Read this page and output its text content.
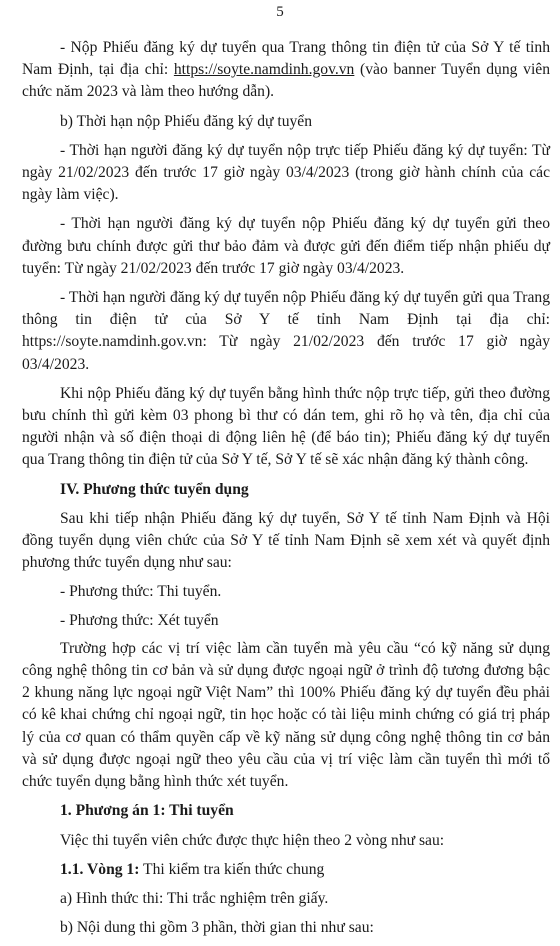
5

- Nộp Phiếu đăng ký dự tuyển qua Trang thông tin điện tử của Sở Y tế tỉnh Nam Định, tại địa chỉ: https://soyte.namdinh.gov.vn (vào banner Tuyển dụng viên chức năm 2023 và làm theo hướng dẫn).

b) Thời hạn nộp Phiếu đăng ký dự tuyển

- Thời hạn người đăng ký dự tuyển nộp trực tiếp Phiếu đăng ký dự tuyển: Từ ngày 21/02/2023 đến trước 17 giờ ngày 03/4/2023 (trong giờ hành chính của các ngày làm việc).

- Thời hạn người đăng ký dự tuyển nộp Phiếu đăng ký dự tuyển gửi theo đường bưu chính được gửi thư bảo đảm và được gửi đến điểm tiếp nhận phiếu dự tuyển: Từ ngày 21/02/2023 đến trước 17 giờ ngày 03/4/2023.

- Thời hạn người đăng ký dự tuyển nộp Phiếu đăng ký dự tuyển gửi qua Trang thông tin điện tử của Sở Y tế tỉnh Nam Định tại địa chỉ: https://soyte.namdinh.gov.vn: Từ ngày 21/02/2023 đến trước 17 giờ ngày 03/4/2023.

Khi nộp Phiếu đăng ký dự tuyển bằng hình thức nộp trực tiếp, gửi theo đường bưu chính thì gửi kèm 03 phong bì thư có dán tem, ghi rõ họ và tên, địa chỉ của người nhận và số điện thoại di động liên hệ (để báo tin); Phiếu đăng ký dự tuyển qua Trang thông tin điện tử của Sở Y tế, Sở Y tế sẽ xác nhận đăng ký thành công.

IV. Phương thức tuyển dụng

Sau khi tiếp nhận Phiếu đăng ký dự tuyển, Sở Y tế tỉnh Nam Định và Hội đồng tuyển dụng viên chức của Sở Y tế tỉnh Nam Định sẽ xem xét và quyết định phương thức tuyển dụng như sau:

- Phương thức: Thi tuyển.

- Phương thức: Xét tuyển

Trường hợp các vị trí việc làm cần tuyển mà yêu cầu “có kỹ năng sử dụng công nghệ thông tin cơ bản và sử dụng được ngoại ngữ ở trình độ tương đương bậc 2 khung năng lực ngoại ngữ Việt Nam” thì 100% Phiếu đăng ký dự tuyển đều phải có kê khai chứng chỉ ngoại ngữ, tin học hoặc có tài liệu minh chứng có giá trị pháp lý của cơ quan có thẩm quyền cấp về kỹ năng sử dụng công nghệ thông tin cơ bản và sử dụng được ngoại ngữ theo yêu cầu của vị trí việc làm cần tuyển thì mới tổ chức tuyển dụng bằng hình thức xét tuyển.

1. Phương án 1: Thi tuyển

Việc thi tuyển viên chức được thực hiện theo 2 vòng như sau:

1.1. Vòng 1: Thi kiểm tra kiến thức chung

a) Hình thức thi: Thi trắc nghiệm trên giấy.

b) Nội dung thi gồm 3 phần, thời gian thi như sau:
